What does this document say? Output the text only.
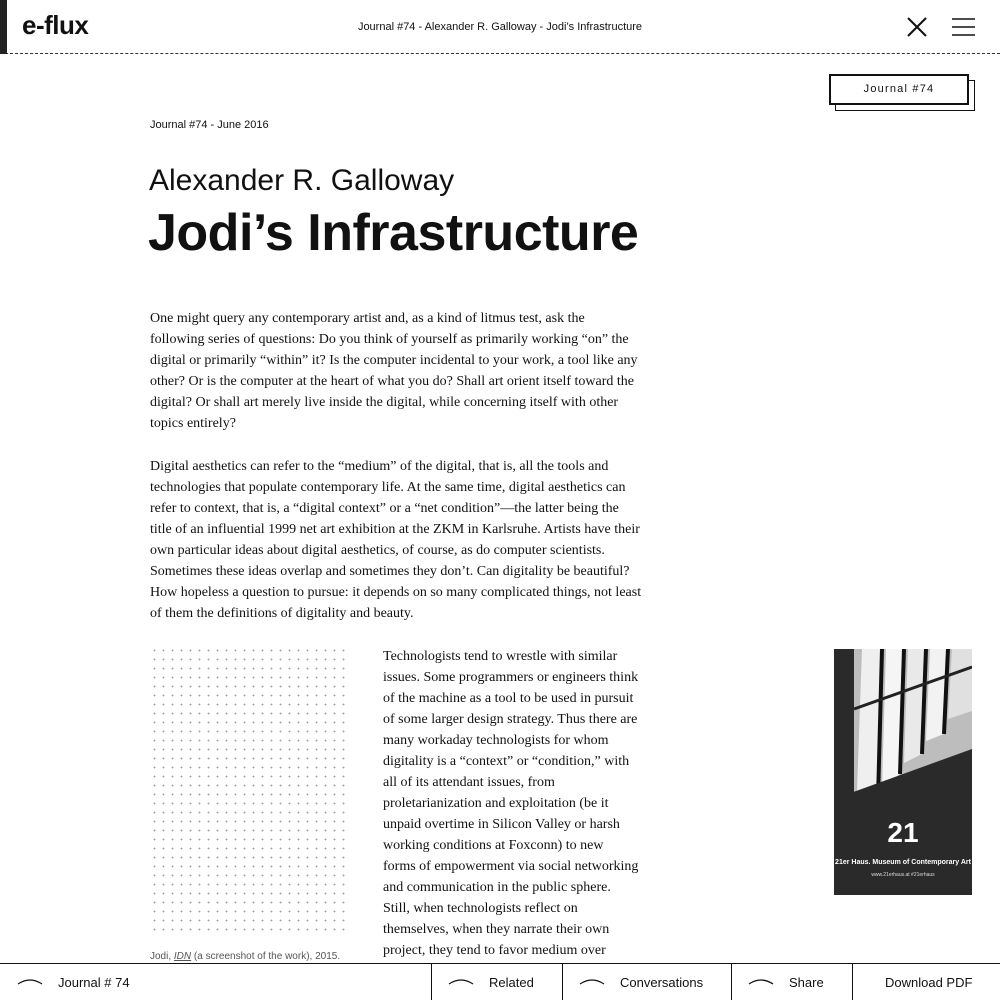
e-flux	Journal #74 - Alexander R. Galloway - Jodi’s Infrastructure
Journal #74
Journal #74 - June 2016
Alexander R. Galloway
Jodi’s Infrastructure

One might query any contemporary artist and, as a kind of litmus test, ask the following series of questions: Do you think of yourself as primarily working “on” the digital or primarily “within” it? Is the computer incidental to your work, a tool like any other? Or is the computer at the heart of what you do? Shall art orient itself toward the digital? Or shall art merely live inside the digital, while concerning itself with other topics entirely?

Digital aesthetics can refer to the “medium” of the digital, that is, all the tools and technologies that populate contemporary life. At the same time, digital aesthetics can refer to context, that is, a “digital context” or a “net condition”—the latter being the title of an influential 1999 net art exhibition at the ZKM in Karlsruhe. Artists have their own particular ideas about digital aesthetics, of course, as do computer scientists. Sometimes these ideas overlap and sometimes they don’t. Can digitality be beautiful? How hopeless a question to pursue: it depends on so many complicated things, not least of them the definitions of digitality and beauty.

Technologists tend to wrestle with similar issues. Some programmers or engineers think of the machine as a tool to be used in pursuit of some larger design strategy. Thus there are many workaday technologists for whom digitality is a “context” or “condition,” with all of its attendant issues, from proletarianization and exploitation (be it unpaid overtime in Silicon Valley or harsh working conditions at Foxconn) to new forms of empowerment via social networking and communication in the public sphere. Still, when technologists reflect on themselves, when they narrate their own project, they tend to favor medium over

Jodi, IDN (a screenshot of the work), 2015.

21
21er Haus. Museum of Contemporary Art
www.21erhaus.at #21erhaus
Journal # 74	Related	Conversations	Share	Download PDF
